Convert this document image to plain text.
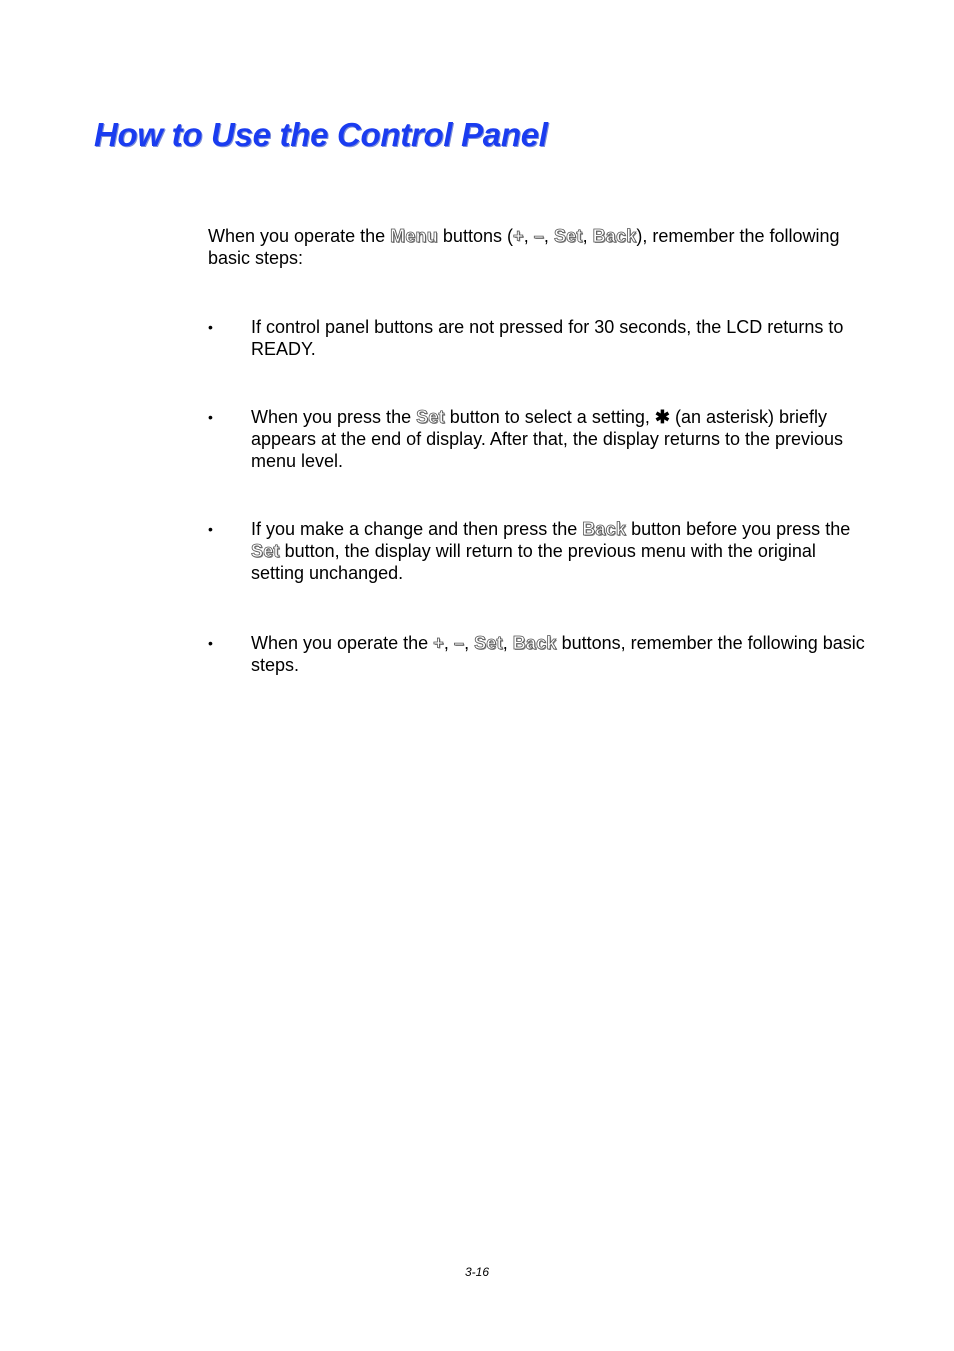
How to Use the Control Panel

When you operate the Menu buttons (+, –, Set, Back), remember the following basic steps:

•	If control panel buttons are not pressed for 30 seconds, the LCD returns to READY.
•	When you press the Set button to select a setting, ✱ (an asterisk) briefly appears at the end of display. After that, the display returns to the previous menu level.
•	If you make a change and then press the Back button before you press the Set button, the display will return to the previous menu with the original setting unchanged.
•	When you operate the +, –, Set, Back buttons, remember the following basic steps.
3-16
